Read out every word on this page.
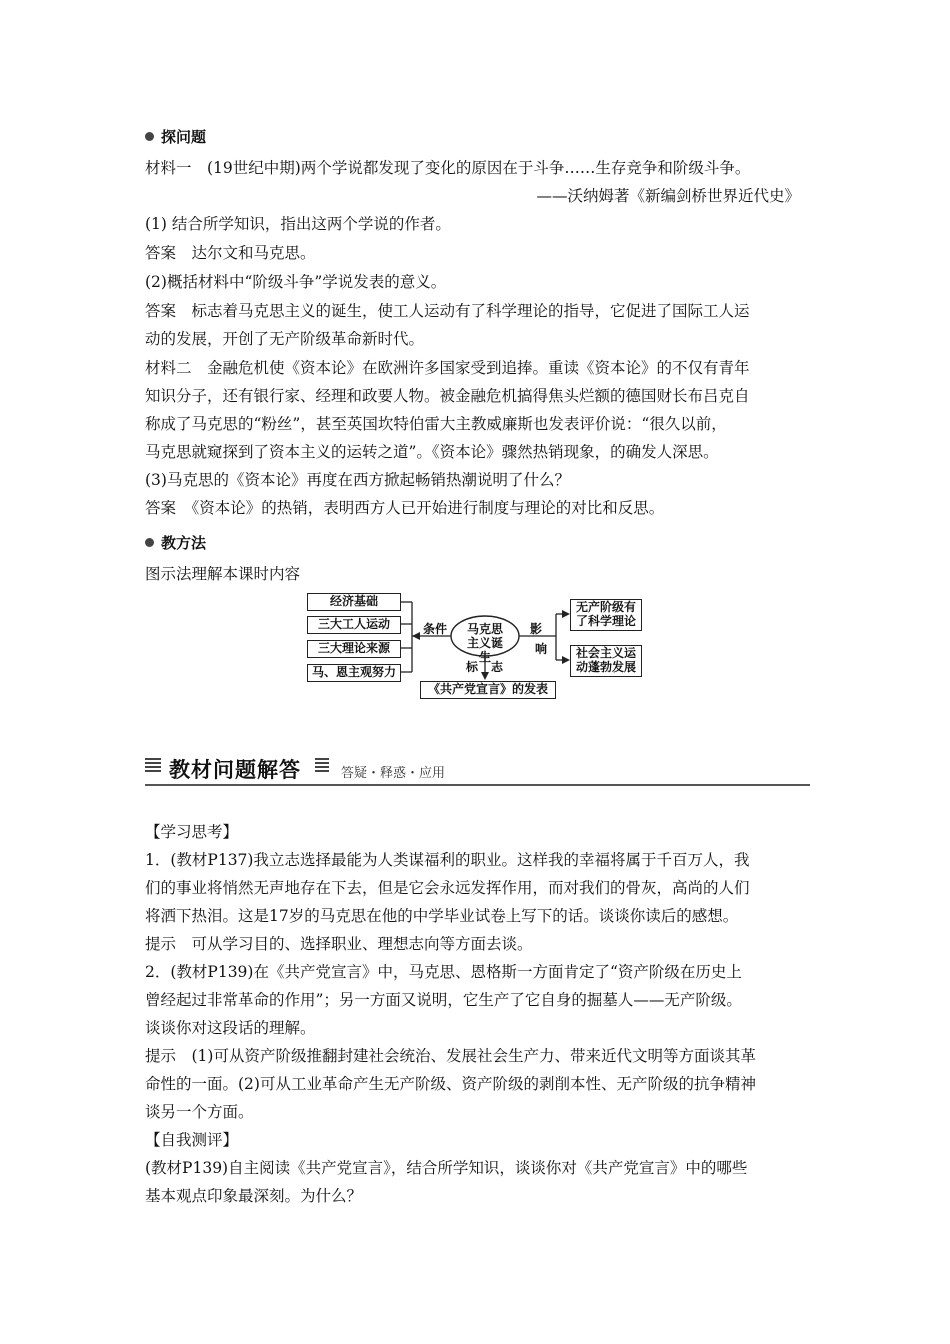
探问题
材料一　(19世纪中期)两个学说都发现了变化的原因在于斗争……生存竞争和阶级斗争。
——沃纳姆著《新编剑桥世界近代史》
(1) 结合所学知识，指出这两个学说的作者。
答案　达尔文和马克思。
(2)概括材料中“阶级斗争”学说发表的意义。
答案　标志着马克思主义的诞生，使工人运动有了科学理论的指导，它促进了国际工人运
动的发展，开创了无产阶级革命新时代。
材料二　金融危机使《资本论》在欧洲许多国家受到追捧。重读《资本论》的不仅有青年
知识分子，还有银行家、经理和政要人物。被金融危机搞得焦头烂额的德国财长布吕克自
称成了马克思的“粉丝”，甚至英国坎特伯雷大主教威廉斯也发表评价说：“很久以前，
马克思就窥探到了资本主义的运转之道”。《资本论》骤然热销现象，的确发人深思。
(3)马克思的《资本论》再度在西方掀起畅销热潮说明了什么？
答案　《资本论》的热销，表明西方人已开始进行制度与理论的对比和反思。
教方法
图示法理解本课时内容
经济基础
三大工人运动
三大理论来源
马、恩主观努力
条件 马克思
主义诞生
影
响
标 志
《共产党宣言》的发表
无产阶级有
了科学理论
社会主义运
动蓬勃发展
教材问题解答	答疑・释惑・应用
【学习思考】
1．(教材P137)我立志选择最能为人类谋福利的职业。这样我的幸福将属于千百万人，我
们的事业将悄然无声地存在下去，但是它会永远发挥作用，而对我们的骨灰，高尚的人们
将洒下热泪。这是17岁的马克思在他的中学毕业试卷上写下的话。谈谈你读后的感想。
提示　可从学习目的、选择职业、理想志向等方面去谈。
2．(教材P139)在《共产党宣言》中，马克思、恩格斯一方面肯定了“资产阶级在历史上
曾经起过非常革命的作用”；另一方面又说明，它生产了它自身的掘墓人——无产阶级。
谈谈你对这段话的理解。
提示　(1)可从资产阶级推翻封建社会统治、发展社会生产力、带来近代文明等方面谈其革
命性的一面。(2)可从工业革命产生无产阶级、资产阶级的剥削本性、无产阶级的抗争精神
谈另一个方面。
【自我测评】
(教材P139)自主阅读《共产党宣言》，结合所学知识，谈谈你对《共产党宣言》中的哪些
基本观点印象最深刻。为什么？
